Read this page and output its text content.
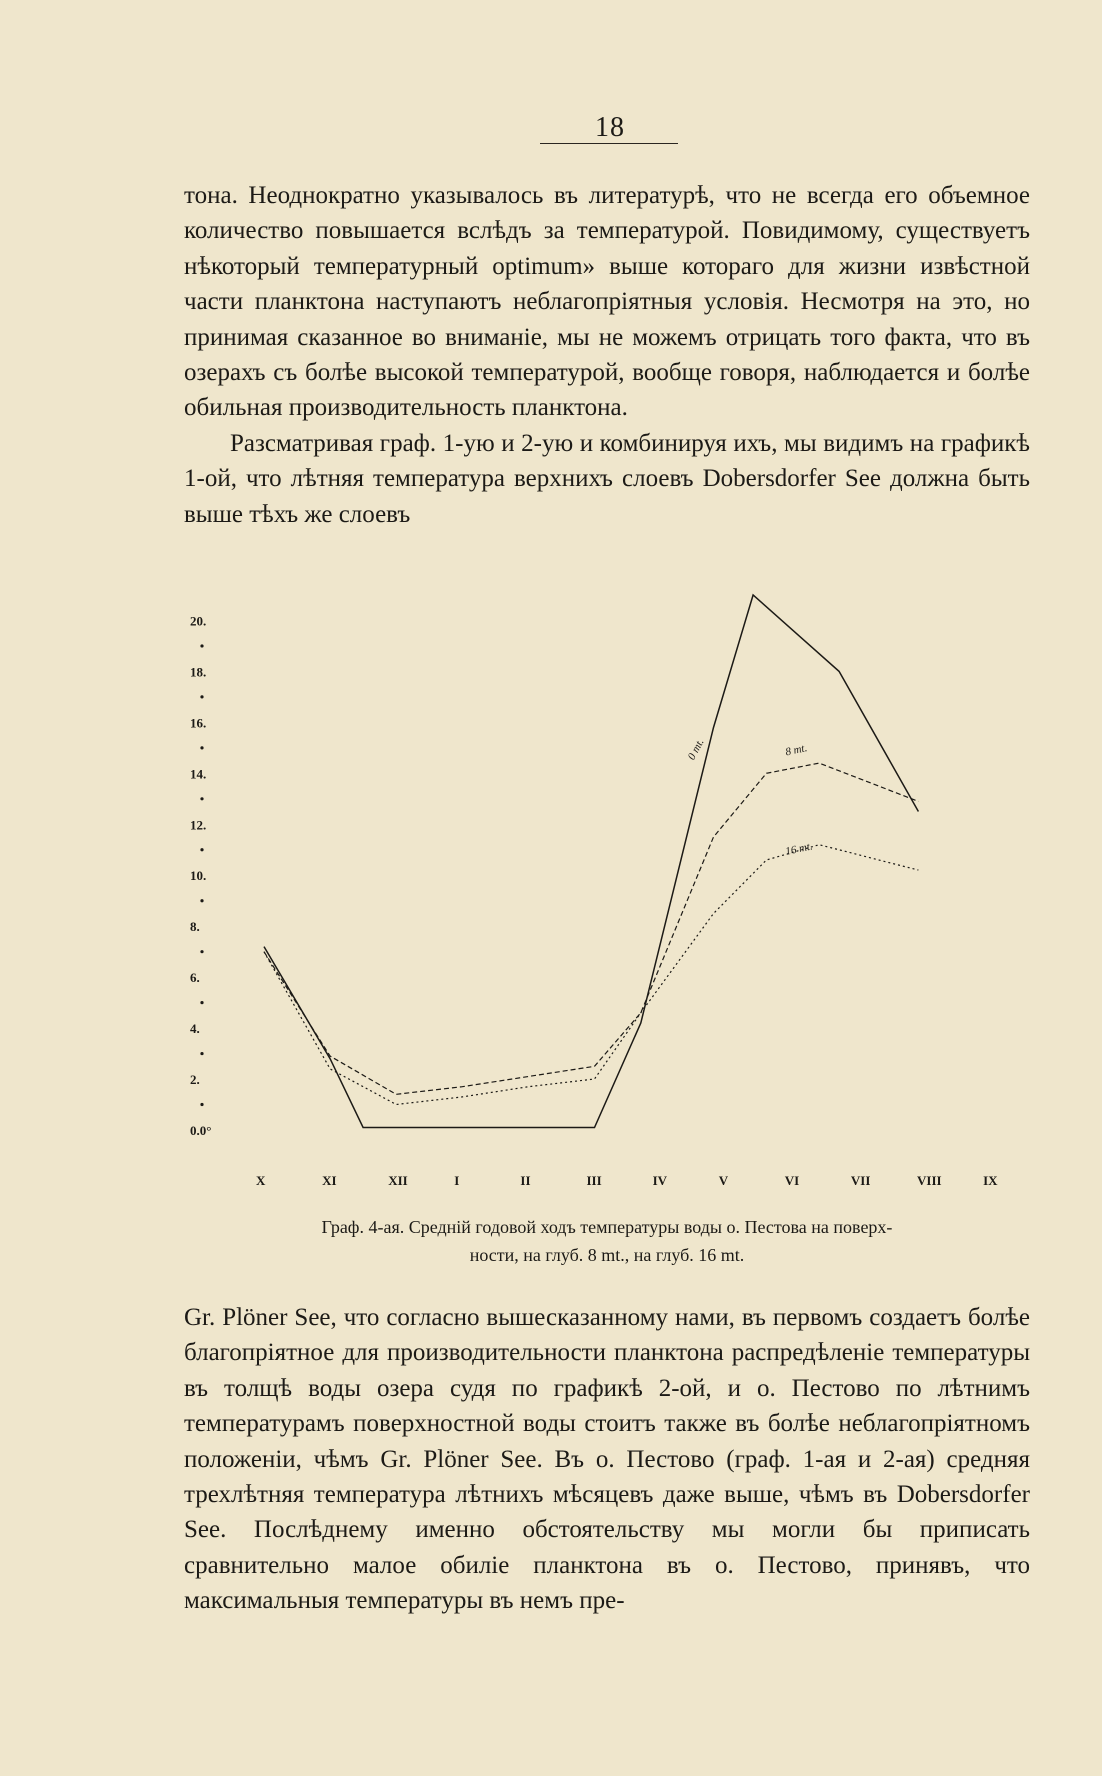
18

тона. Неоднократно указывалось въ литературѣ, что не всегда его объемное количество повышается вслѣдъ за температурой. Повидимому, существуетъ нѣкоторый температурный optimum» выше котораго для жизни извѣстной части планктона наступаютъ неблагопріятныя условія. Несмотря на это, но принимая сказанное во вниманіе, мы не можемъ отрицать того факта, что въ озерахъ съ болѣе высокой температурой, вообще говоря, наблюдается и болѣе обильная производительность планктона.

Разсматривая граф. 1-ую и 2-ую и комбинируя ихъ, мы видимъ на графикѣ 1-ой, что лѣтняя температура верхнихъ слоевъ Dobersdorfer See должна быть выше тѣхъ же слоевъ

0.0°
2.
4.
6.
8.
10.
12.
14.
16.
18.
20.
X	XI	XII	I	II	III	IV	V	VI	VII	VIII	IX
0 mt.	8 mt.
16 mt.
Граф. 4-ая. Средній годовой ходъ температуры воды о. Пестова на поверх-
ности, на глуб. 8 mt., на глуб. 16 mt.

Gr. Plöner See, что согласно вышесказанному нами, въ первомъ создаетъ болѣе благопріятное для производительности планктона распредѣленіе температуры въ толщѣ воды озера судя по графикѣ 2-ой, и о. Пестово по лѣтнимъ температурамъ поверхностной воды стоитъ также въ болѣе неблагопріятномъ положеніи, чѣмъ Gr. Plöner See. Въ о. Пестово (граф. 1-ая и 2-ая) средняя трехлѣтняя температура лѣтнихъ мѣсяцевъ даже выше, чѣмъ въ Dobersdorfer See. Послѣднему именно обстоятельству мы могли бы приписать сравнительно малое обиліе планктона въ о. Пестово, принявъ, что максимальныя температуры въ немъ пре-
